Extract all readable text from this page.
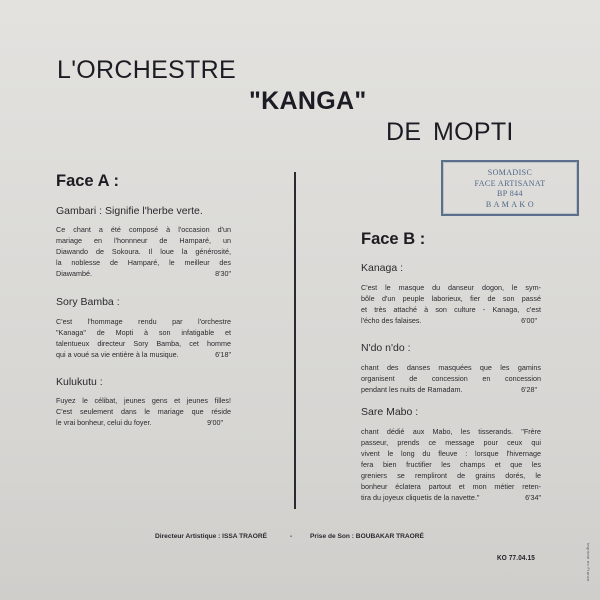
L'ORCHESTRE
"KANGA"
DE MOPTI
Face A :
Gambari : Signifie l'herbe verte.
Ce chant a été composé à l'occasion d'un
mariage en l'honnneur de Hamparé, un
Diawando de Sokoura. Il loue la générosité,
la noblesse de Hamparé, le meilleur des
Diawambé.	8'30"
Sory Bamba :
C'est l'hommage rendu par l'orchestre
"Kanaga" de Mopti à son infatigable et
talentueux directeur Sory Bamba, cet homme
qui a voué sa vie entière à la musique.	6'18"
Kulukutu :
Fuyez le célibat, jeunes gens et jeunes filles!
C'est seulement dans le mariage que réside
le vrai bonheur, celui du foyer.	9'00"
SOMADISC
FACE ARTISANAT
BP 844
B A M A K O
Face B :
Kanaga :
C'est le masque du danseur dogon, le sym-
bôle d'un peuple laborieux, fier de son passé
et très attaché à son culture - Kanaga, c'est
l'écho des falaises.	6'00"
N'do n'do :
chant des danses masquées que les gamins
organisent de concession en concession
pendant les nuits de Ramadam.	6'28"
Sare Mabo :
chant dédié aux Mabo, les tisserands. "Frère
passeur, prends ce message pour ceux qui
vivent le long du fleuve : lorsque l'hivernage
fera bien fructifier les champs et que les
greniers se rempliront de grains dorés, le
bonheur éclatera partout et mon métier reten-
tira du joyeux cliquetis de la navette."	6'34"
Directeur Artistique : ISSA TRAORÉ	-	Prise de Son : BOUBAKAR TRAORÉ
KO 77.04.15	Imprimé en France
